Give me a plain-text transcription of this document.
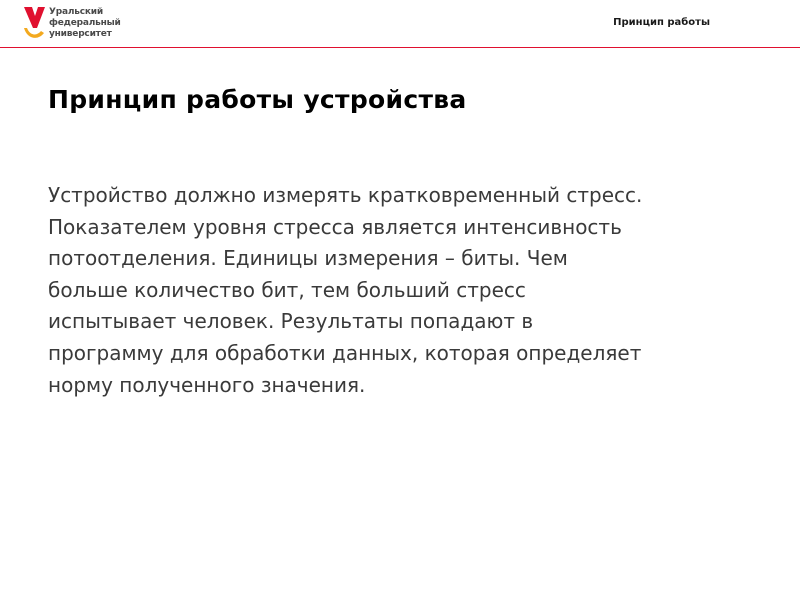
Уральский
федеральный
университет
Принцип работы
Принцип работы устройства
Устройство должно измерять кратковременный стресс.
Показателем уровня стресса является интенсивность
потоотделения. Единицы измерения – биты. Чем
больше количество бит, тем больший стресс
испытывает человек. Результаты попадают в
программу для обработки данных, которая определяет
норму полученного значения.
